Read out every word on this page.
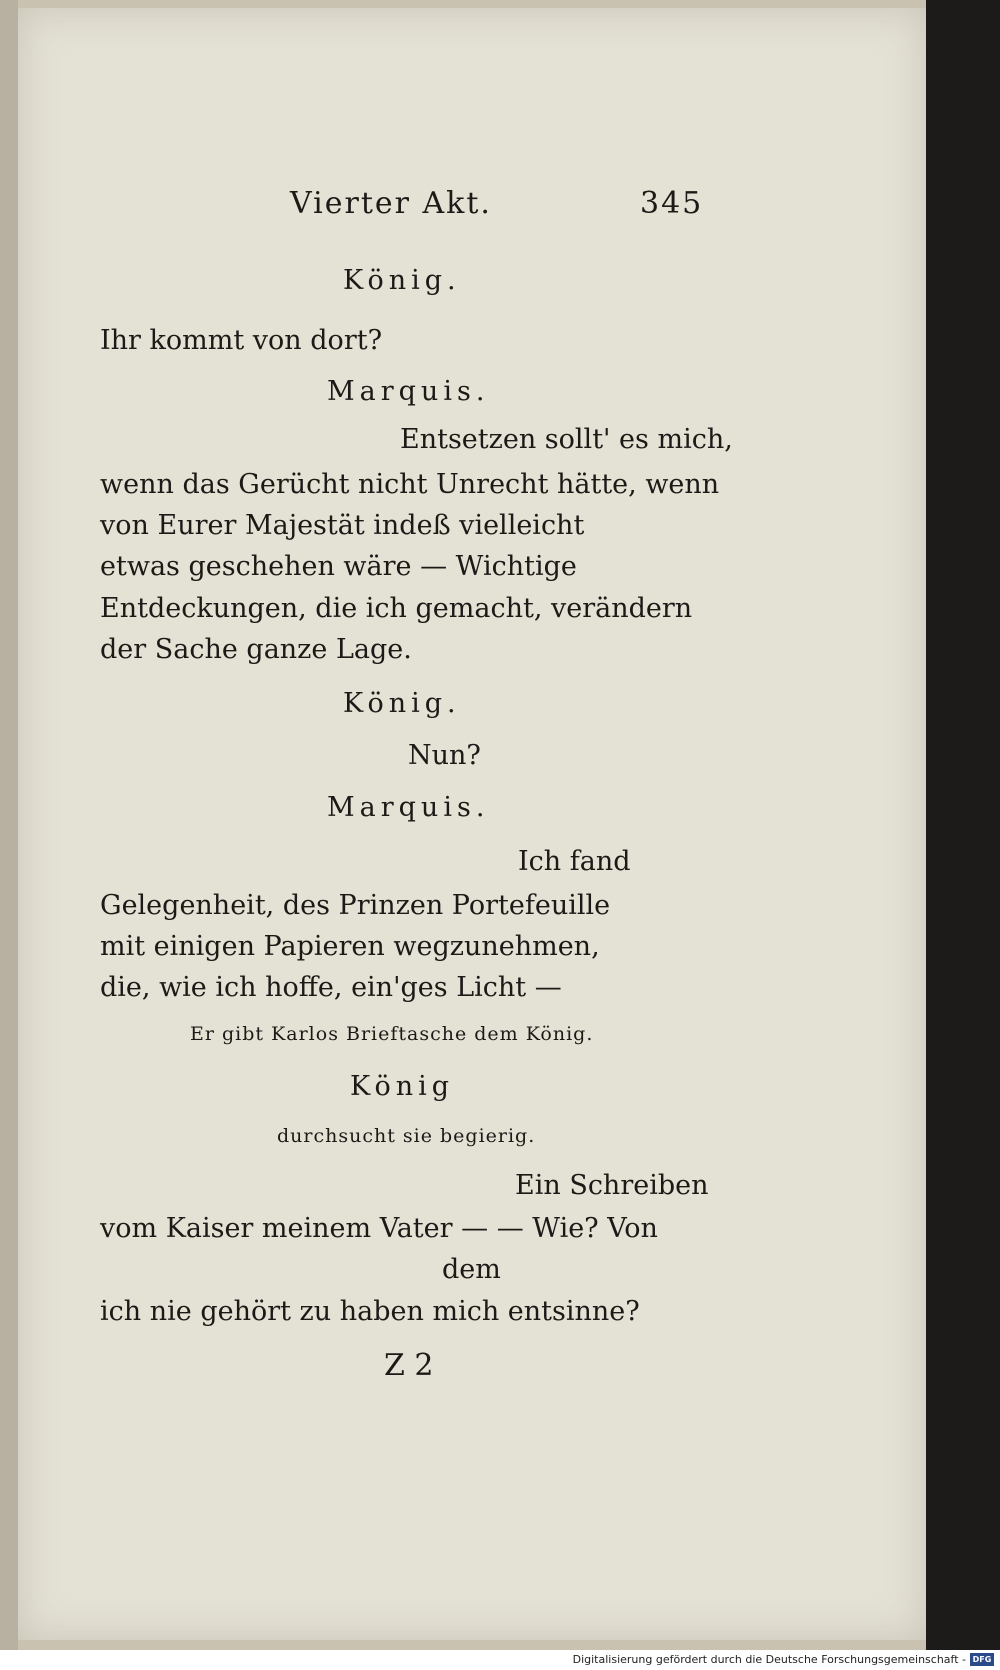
Vierter Akt.	345
König.
Ihr kommt von dort?
Marquis.
Entsetzen sollt' es mich,
wenn das Gerücht nicht Unrecht hätte, wenn
von Eurer Majestät indeß vielleicht
etwas geschehen wäre — Wichtige
Entdeckungen, die ich gemacht, verändern
der Sache ganze Lage.
König.
Nun?
Marquis.
Ich fand
Gelegenheit, des Prinzen Portefeuille
mit einigen Papieren wegzunehmen,
die, wie ich hoffe, ein'ges Licht —
Er gibt Karlos Brieftasche dem König.
König
durchsucht sie begierig.
Ein Schreiben
vom Kaiser meinem Vater — — Wie? Von
dem
ich nie gehört zu haben mich entsinne?
Z 2
Digitalisierung gefördert durch die Deutsche Forschungsgemeinschaft - DFG
